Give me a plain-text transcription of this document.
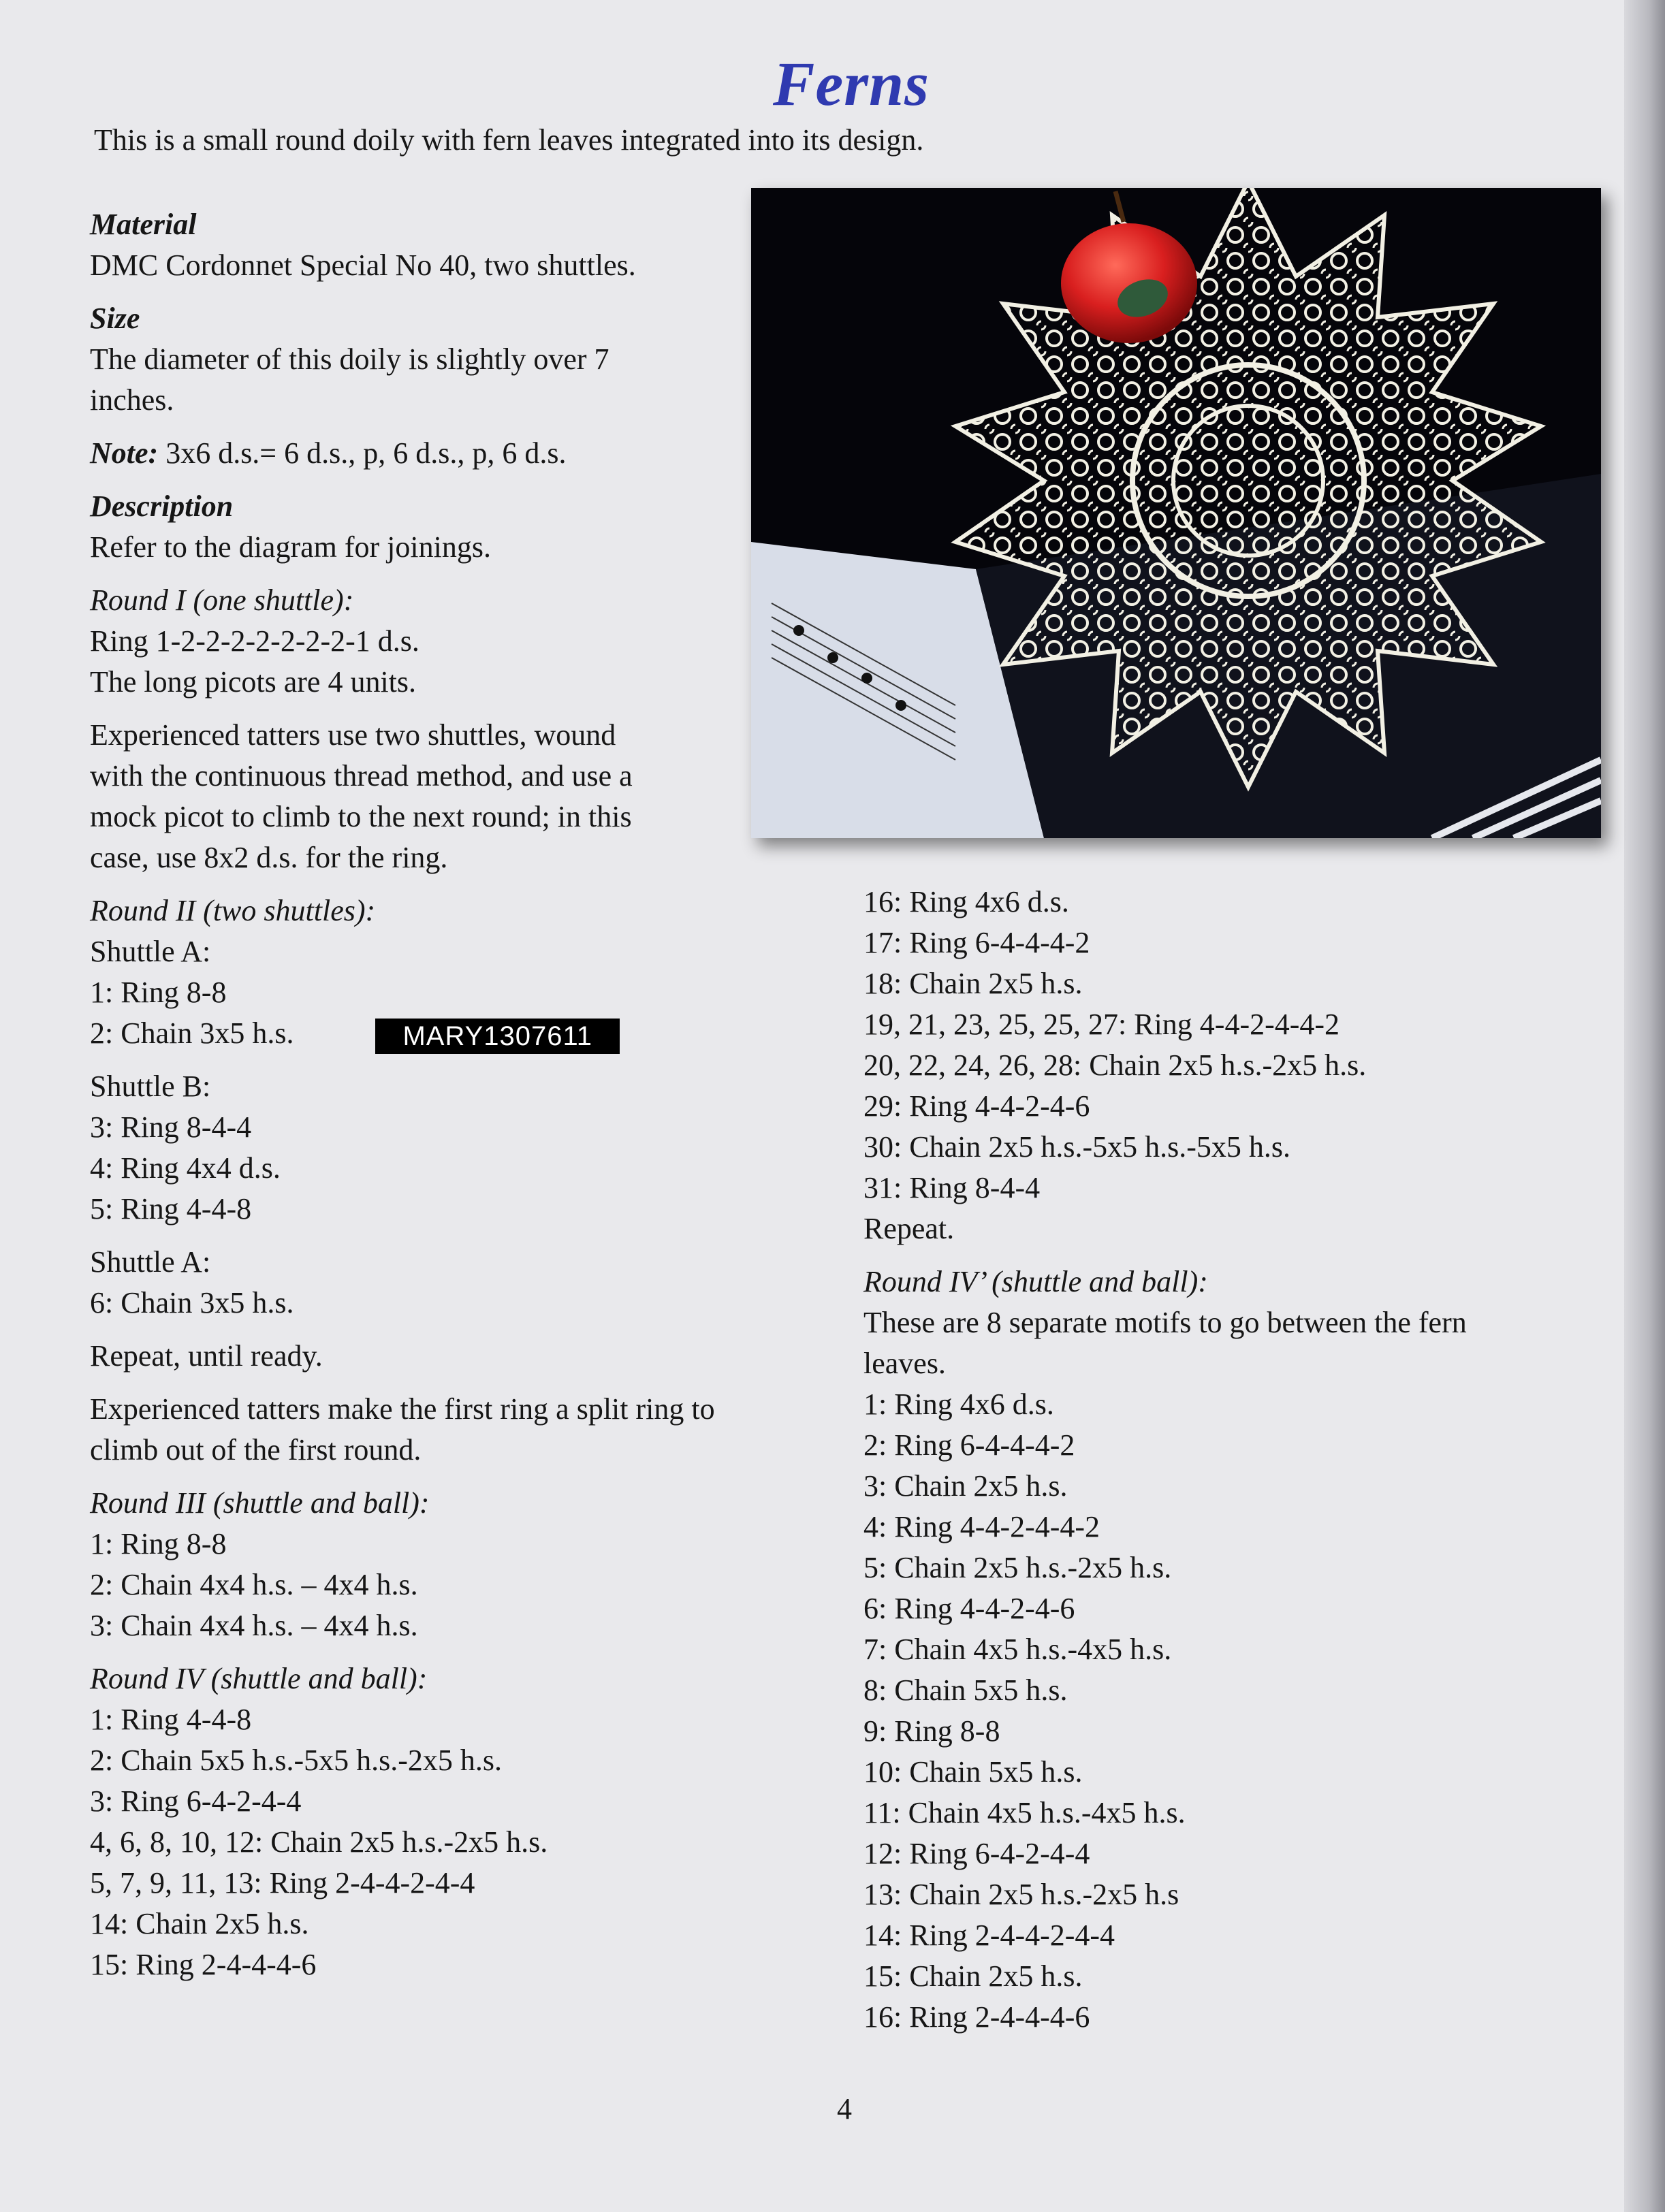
Ferns
This is a small round doily with fern leaves integrated into its design.
Material
DMC Cordonnet Special No 40, two shuttles.
Size
The diameter of this doily is slightly over 7
inches.
Note: 3x6 d.s.= 6 d.s., p, 6 d.s., p, 6 d.s.
Description
Refer to the diagram for joinings.
Round I (one shuttle):
Ring 1-2-2-2-2-2-2-2-1 d.s.
The long picots are 4 units.
Experienced tatters use two shuttles, wound
with the continuous thread method, and use a
mock picot to climb to the next round; in this
case, use 8x2 d.s. for the ring.
Round II (two shuttles):
Shuttle A:
1: Ring 8-8
2: Chain 3x5 h.s.	MARY1307611
Shuttle B:
3: Ring 8-4-4
4: Ring 4x4 d.s.
5: Ring 4-4-8
Shuttle A:
6: Chain 3x5 h.s.
Repeat, until ready.
Experienced tatters make the first ring a split ring to
climb out of the first round.
Round III (shuttle and ball):
1: Ring 8-8
2: Chain 4x4 h.s. – 4x4 h.s.
3: Chain 4x4 h.s. – 4x4 h.s.
Round IV (shuttle and ball):
1: Ring 4-4-8
2: Chain 5x5 h.s.-5x5 h.s.-2x5 h.s.
3: Ring 6-4-2-4-4
4, 6, 8, 10, 12: Chain 2x5 h.s.-2x5 h.s.
5, 7, 9, 11, 13: Ring 2-4-4-2-4-4
14: Chain 2x5 h.s.
15: Ring 2-4-4-4-6
16: Ring 4x6 d.s.
17: Ring 6-4-4-4-2
18: Chain 2x5 h.s.
19, 21, 23, 25, 25, 27: Ring 4-4-2-4-4-2
20, 22, 24, 26, 28: Chain 2x5 h.s.-2x5 h.s.
29: Ring 4-4-2-4-6
30: Chain 2x5 h.s.-5x5 h.s.-5x5 h.s.
31: Ring 8-4-4
Repeat.
Round IV’ (shuttle and ball):
These are 8 separate motifs to go between the fern
leaves.
1: Ring 4x6 d.s.
2: Ring 6-4-4-4-2
3: Chain 2x5 h.s.
4: Ring 4-4-2-4-4-2
5: Chain 2x5 h.s.-2x5 h.s.
6: Ring 4-4-2-4-6
7: Chain 4x5 h.s.-4x5 h.s.
8: Chain 5x5 h.s.
9: Ring 8-8
10: Chain 5x5 h.s.
11: Chain 4x5 h.s.-4x5 h.s.
12: Ring 6-4-2-4-4
13: Chain 2x5 h.s.-2x5 h.s
14: Ring 2-4-4-2-4-4
15: Chain 2x5 h.s.
16: Ring 2-4-4-4-6
4
